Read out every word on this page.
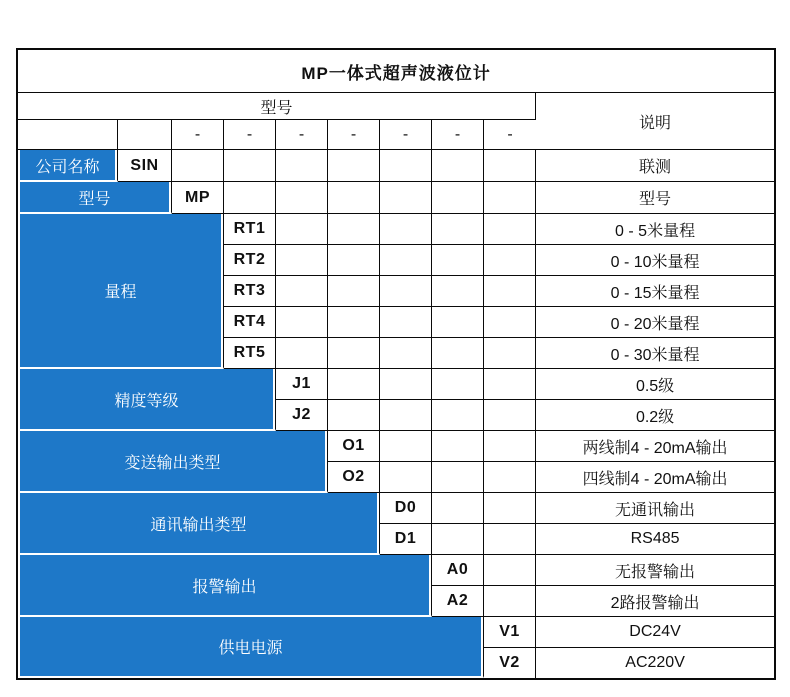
MP一体式超声波液位计									
型号									说明
		-	-	-	-	-	-	-	
公司名称	SIN								联测
型号		MP							型号
量程			RT1						0 - 5米量程
			RT2						0 - 10米量程
			RT3						0 - 15米量程
			RT4						0 - 20米量程
			RT5						0 - 30米量程
精度等级				J1					0.5级
				J2					0.2级
变送输出类型					O1				两线制4 - 20mA输出
					O2				四线制4 - 20mA输出
通讯输出类型						D0			无通讯输出
						D1			RS485
报警输出							A0		无报警输出
							A2		2路报警输出
供电电源								V1	DC24V
								V2	AC220V
